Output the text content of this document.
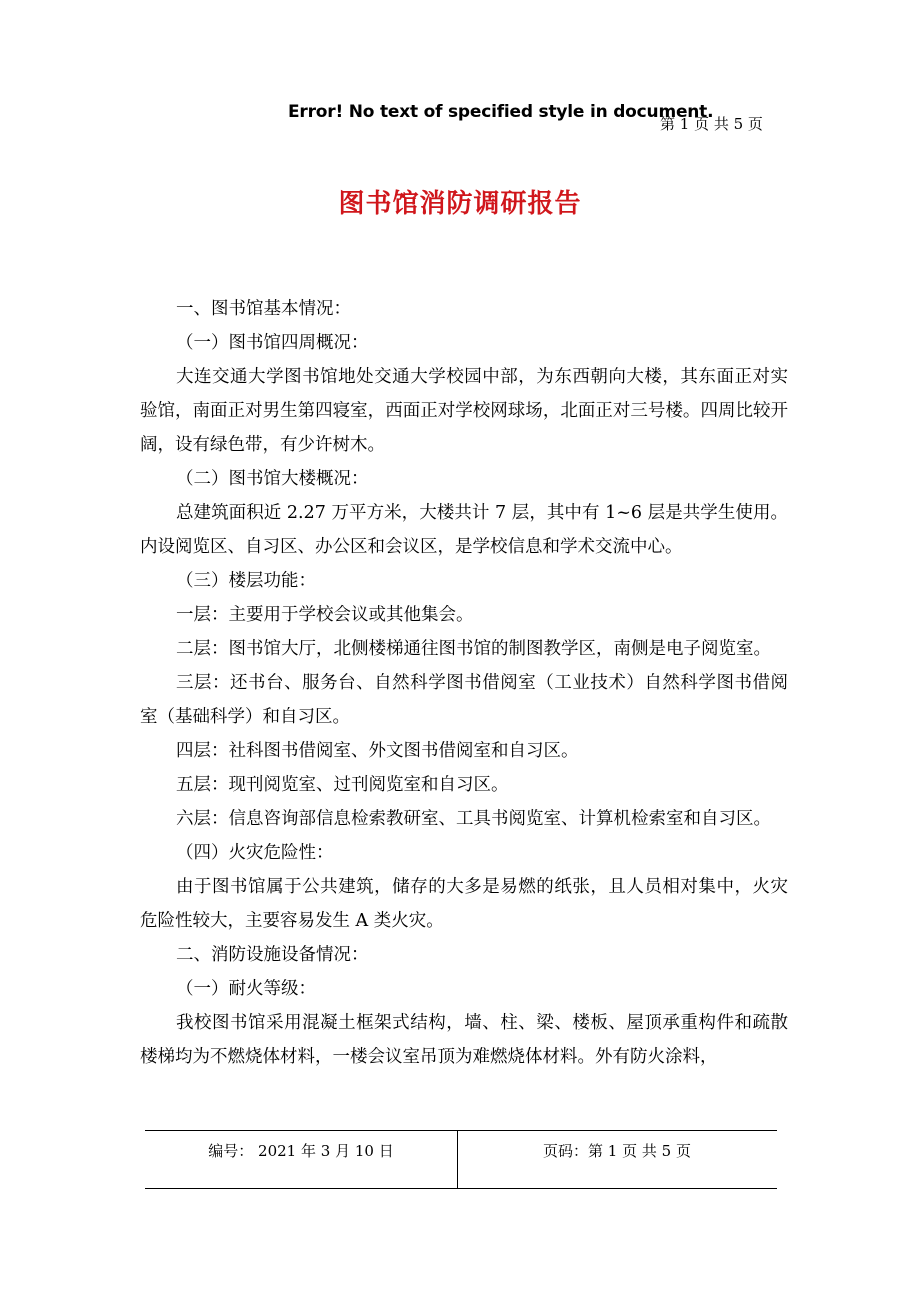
Error! No text of specified style in document.
第 1 页 共 5 页
图书馆消防调研报告

一、图书馆基本情况：

（一）图书馆四周概况：

大连交通大学图书馆地处交通大学校园中部，为东西朝向大楼，其东面正对实验馆，南面正对男生第四寝室，西面正对学校网球场，北面正对三号楼。四周比较开阔，设有绿色带，有少许树木。

（二）图书馆大楼概况：

总建筑面积近 2.27 万平方米，大楼共计 7 层，其中有 1~6 层是共学生使用。内设阅览区、自习区、办公区和会议区，是学校信息和学术交流中心。

（三）楼层功能：

一层：主要用于学校会议或其他集会。

二层：图书馆大厅，北侧楼梯通往图书馆的制图教学区，南侧是电子阅览室。

三层：还书台、服务台、自然科学图书借阅室（工业技术）自然科学图书借阅室（基础科学）和自习区。

四层：社科图书借阅室、外文图书借阅室和自习区。

五层：现刊阅览室、过刊阅览室和自习区。

六层：信息咨询部信息检索教研室、工具书阅览室、计算机检索室和自习区。

（四）火灾危险性：

由于图书馆属于公共建筑，储存的大多是易燃的纸张，且人员相对集中，火灾危险性较大，主要容易发生 A 类火灾。

二、消防设施设备情况：

（一）耐火等级：

我校图书馆采用混凝土框架式结构，墙、柱、梁、楼板、屋顶承重构件和疏散楼梯均为不燃烧体材料，一楼会议室吊顶为难燃烧体材料。外有防火涂料，

编号： 2021 年 3 月 10 日	页码：第 1 页 共 5 页
